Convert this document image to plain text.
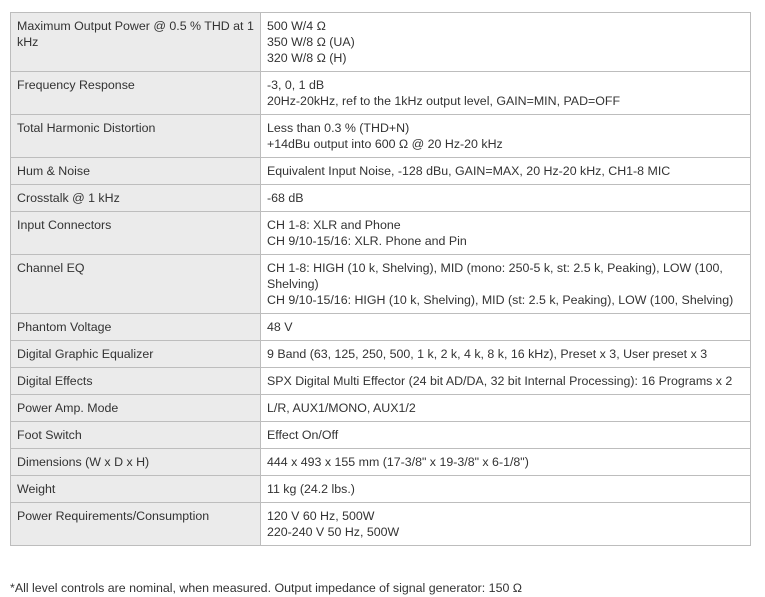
Maximum Output Power @ 0.5 % THD at 1 kHz	500 W/4 Ω
350 W/8 Ω (UA)
320 W/8 Ω (H)

Frequency Response	-3, 0, 1 dB
20Hz-20kHz, ref to the 1kHz output level, GAIN=MIN, PAD=OFF

Total Harmonic Distortion	Less than 0.3 % (THD+N)
+14dBu output into 600 Ω @ 20 Hz-20 kHz

Hum & Noise	Equivalent Input Noise, -128 dBu, GAIN=MAX, 20 Hz-20 kHz, CH1-8 MIC

Crosstalk @ 1 kHz	-68 dB

Input Connectors	CH 1-8: XLR and Phone
CH 9/10-15/16: XLR. Phone and Pin

Channel EQ	CH 1-8: HIGH (10 k, Shelving), MID (mono: 250-5 k, st: 2.5 k, Peaking), LOW (100, Shelving)
CH 9/10-15/16: HIGH (10 k, Shelving), MID (st: 2.5 k, Peaking), LOW (100, Shelving)

Phantom Voltage	48 V

Digital Graphic Equalizer	9 Band (63, 125, 250, 500, 1 k, 2 k, 4 k, 8 k, 16 kHz), Preset x 3, User preset x 3

Digital Effects	SPX Digital Multi Effector (24 bit AD/DA, 32 bit Internal Processing): 16 Programs x 2

Power Amp. Mode	L/R, AUX1/MONO, AUX1/2

Foot Switch	Effect On/Off

Dimensions (W x D x H)	444 x 493 x 155 mm (17-3/8" x 19-3/8" x 6-1/8")

Weight	11 kg (24.2 lbs.)

Power Requirements/Consumption	120 V 60 Hz, 500W
220-240 V 50 Hz, 500W
*All level controls are nominal, when measured. Output impedance of signal generator: 150 Ω
